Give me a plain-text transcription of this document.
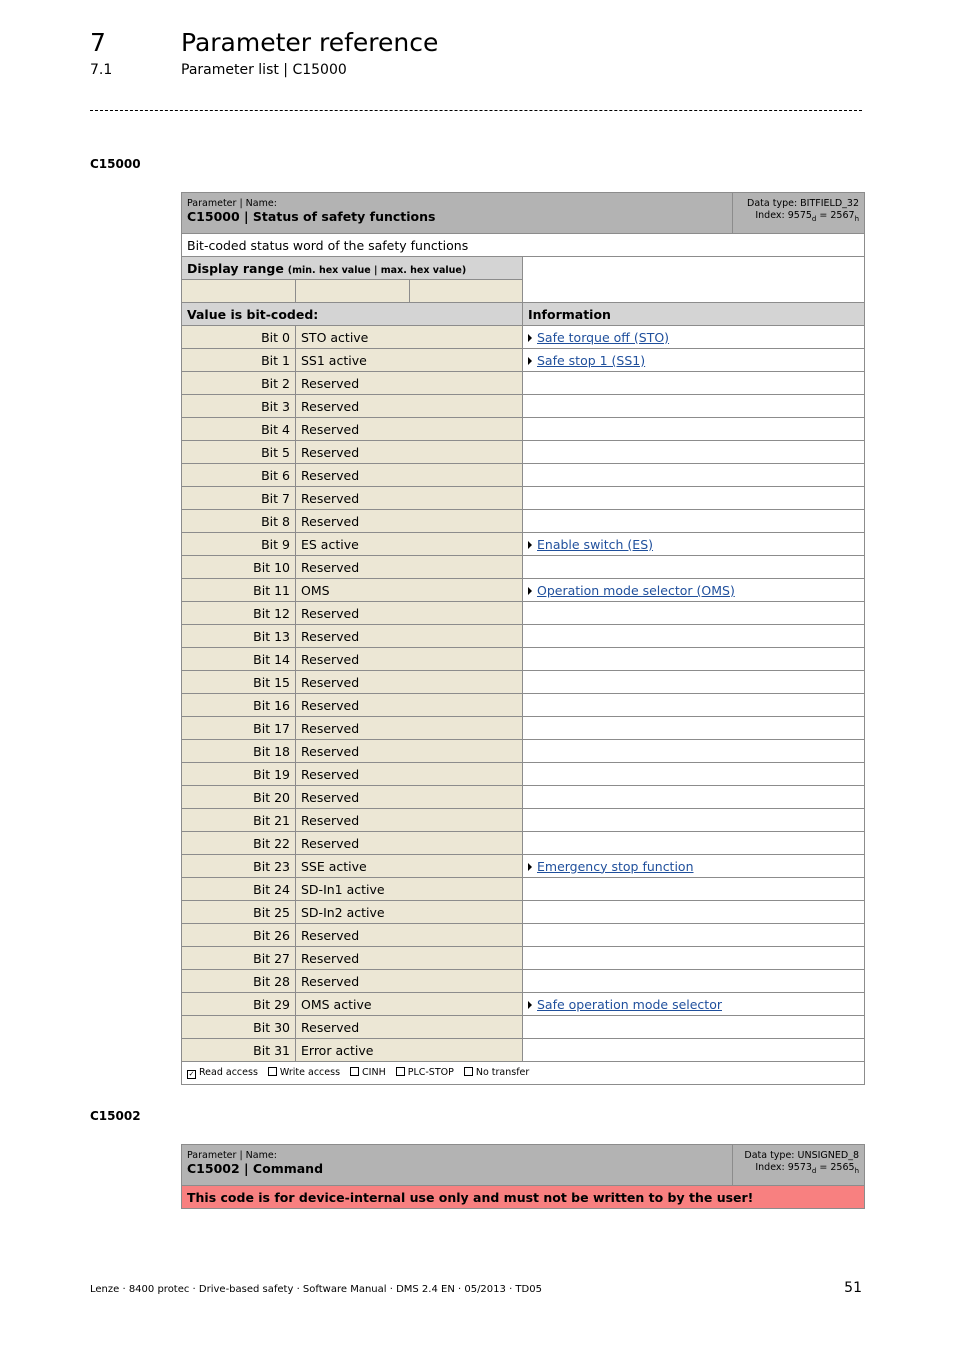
7	Parameter reference
7.1	Parameter list | C15000
C15000
Parameter | Name:
C15000 | Status of safety functions
Data type: BITFIELD_32
Index: $9575_d = 2567_h$

Bit-coded status word of the safety functions			
Display range (min. hex value | max. hex value)			

Value is bit-coded:			Information
Bit 0	STO active		Safe torque off (STO)
Bit 1	SS1 active		Safe stop 1 (SS1)
Bit 2	Reserved		
Bit 3	Reserved		
Bit 4	Reserved		
Bit 5	Reserved		
Bit 6	Reserved		
Bit 7	Reserved		
Bit 8	Reserved		
Bit 9	ES active		Enable switch (ES)
Bit 10	Reserved		
Bit 11	OMS		Operation mode selector (OMS)
Bit 12	Reserved		
Bit 13	Reserved		
Bit 14	Reserved		
Bit 15	Reserved		
Bit 16	Reserved		
Bit 17	Reserved		
Bit 18	Reserved		
Bit 19	Reserved		
Bit 20	Reserved		
Bit 21	Reserved		
Bit 22	Reserved		
Bit 23	SSE active		Emergency stop function
Bit 24	SD-In1 active		
Bit 25	SD-In2 active		
Bit 26	Reserved		
Bit 27	Reserved		
Bit 28	Reserved		
Bit 29	OMS active		Safe operation mode selector
Bit 30	Reserved		
Bit 31	Error active		
✓ Read access Write access CINH PLC-STOP No transfer			
C15002
Parameter | Name:
C15002 | Command
Data type: UNSIGNED_8
Index: $9573_d = 2565_h$

This code is for device-internal use only and must not be written to by the user!
Lenze · 8400 protec · Drive-based safety · Software Manual · DMS 2.4 EN · 05/2013 · TD05	51
